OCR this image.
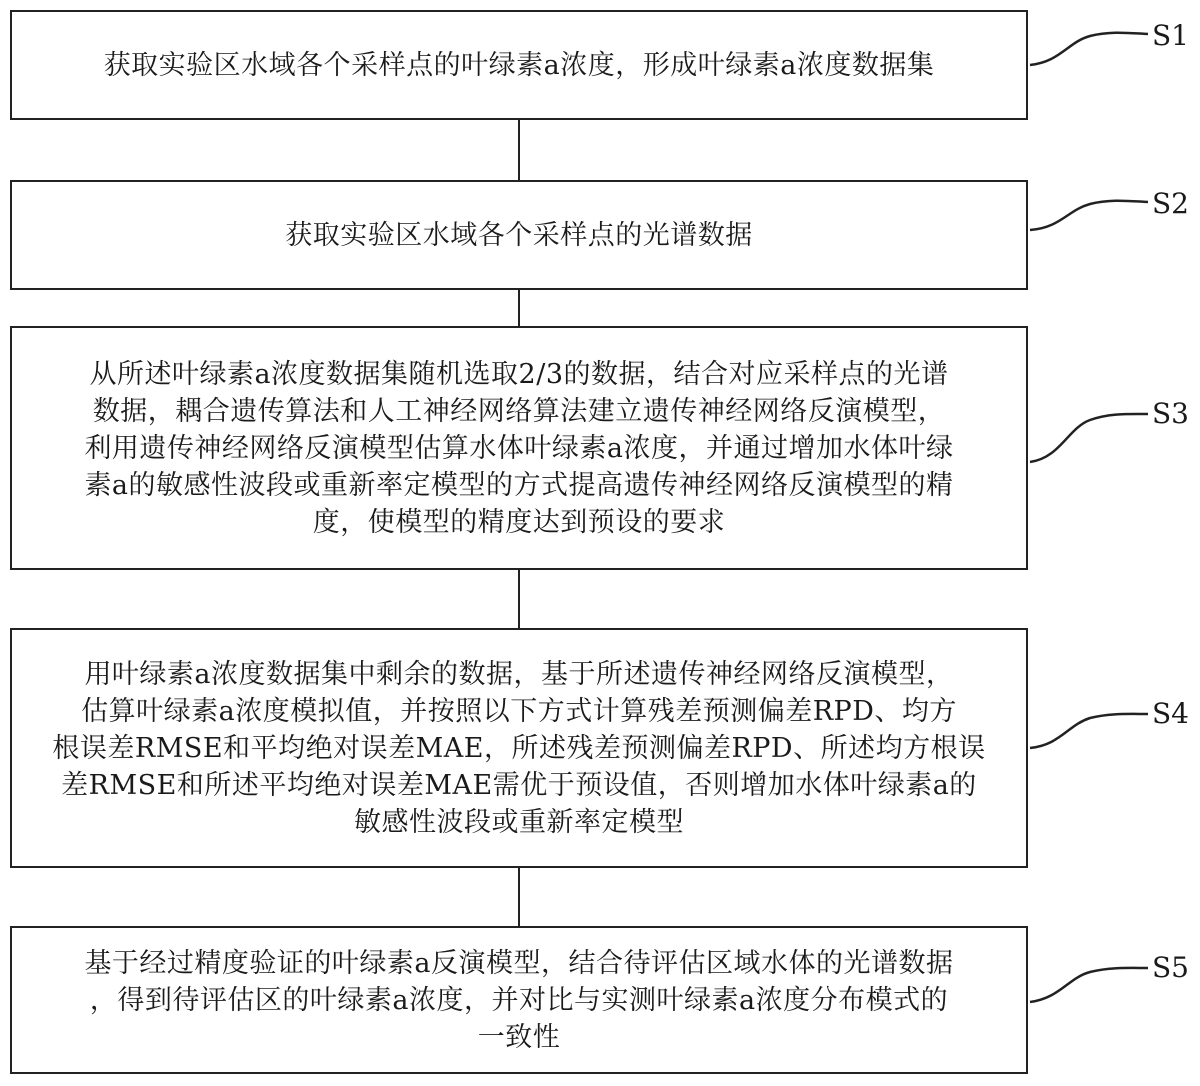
获取实验区水域各个采样点的叶绿素a浓度，形成叶绿素a浓度数据集
获取实验区水域各个采样点的光谱数据
从所述叶绿素a浓度数据集随机选取2/3的数据，结合对应采样点的光谱
数据，耦合遗传算法和人工神经网络算法建立遗传神经网络反演模型，
利用遗传神经网络反演模型估算水体叶绿素a浓度，并通过增加水体叶绿
素a的敏感性波段或重新率定模型的方式提高遗传神经网络反演模型的精
度，使模型的精度达到预设的要求
用叶绿素a浓度数据集中剩余的数据，基于所述遗传神经网络反演模型，
估算叶绿素a浓度模拟值，并按照以下方式计算残差预测偏差RPD、均方
根误差RMSE和平均绝对误差MAE，所述残差预测偏差RPD、所述均方根误
差RMSE和所述平均绝对误差MAE需优于预设值，否则增加水体叶绿素a的
敏感性波段或重新率定模型
基于经过精度验证的叶绿素a反演模型，结合待评估区域水体的光谱数据
，得到待评估区的叶绿素a浓度，并对比与实测叶绿素a浓度分布模式的
一致性
S1
S2
S3
S4
S5
